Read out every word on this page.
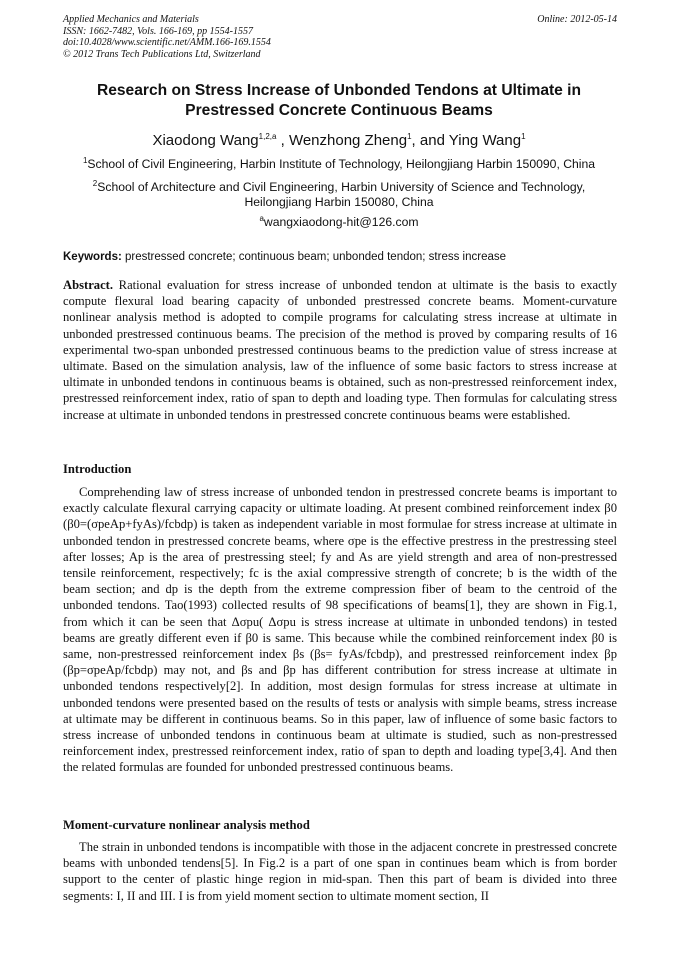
Applied Mechanics and Materials
ISSN: 1662-7482, Vols. 166-169, pp 1554-1557
doi:10.4028/www.scientific.net/AMM.166-169.1554
© 2012 Trans Tech Publications Ltd, Switzerland
Online: 2012-05-14
Research on Stress Increase of Unbonded Tendons at Ultimate in Prestressed Concrete Continuous Beams
Xiaodong Wang$^{1,2,a}$ , Wenzhong Zheng$^1$, and Ying Wang$^1$
$^1$School of Civil Engineering, Harbin Institute of Technology, Heilongjiang Harbin 150090, China
$^2$School of Architecture and Civil Engineering, Harbin University of Science and Technology, Heilongjiang Harbin 150080, China
$^a$wangxiaodong-hit@126.com
Keywords: prestressed concrete; continuous beam; unbonded tendon; stress increase
Abstract. Rational evaluation for stress increase of unbonded tendon at ultimate is the basis to exactly compute flexural load bearing capacity of unbonded prestressed concrete beams. Moment-curvature nonlinear analysis method is adopted to compile programs for calculating stress increase at ultimate in unbonded prestressed continuous beams. The precision of the method is proved by comparing results of 16 experimental two-span unbonded prestressed continuous beams to the prediction value of stress increase at ultimate. Based on the simulation analysis, law of the influence of some basic factors to stress increase at ultimate in unbonded tendons in continuous beams is obtained, such as non-prestressed reinforcement index, prestressed reinforcement index, ratio of span to depth and loading type. Then formulas for calculating stress increase at ultimate in unbonded tendons in prestressed concrete continuous beams were established.
Introduction
Comprehending law of stress increase of unbonded tendon in prestressed concrete beams is important to exactly calculate flexural carrying capacity or ultimate loading. At present combined reinforcement index β0 (β0=(σpeAp+fyAs)/fcbdp) is taken as independent variable in most formulae for stress increase at ultimate in unbonded tendon in prestressed concrete beams, where σpe is the effective prestress in the prestressing steel after losses; Ap is the area of prestressing steel; fy and As are yield strength and area of non-prestressed tensile reinforcement, respectively; fc is the axial compressive strength of concrete; b is the width of the beam section; and dp is the depth from the extreme compression fiber of beam to the centroid of the unbonded tendons. Tao(1993) collected results of 98 specifications of beams[1], they are shown in Fig.1, from which it can be seen that Δσpu( Δσpu is stress increase at ultimate in unbonded tendons) in tested beams are greatly different even if β0 is same. This because while the combined reinforcement index β0 is same, non-prestressed reinforcement index βs (βs= fyAs/fcbdp), and prestressed reinforcement index βp (βp=σpeAp/fcbdp) may not, and βs and βp has different contribution for stress increase at ultimate in unbonded tendons respectively[2]. In addition, most design formulas for stress increase at ultimate in unbonded tendons were presented based on the results of tests or analysis with simple beams, stress increase at ultimate may be different in continuous beams. So in this paper, law of influence of some basic factors to stress increase of unbonded tendons in continuous beam at ultimate is studied, such as non-prestressed reinforcement index, prestressed reinforcement index, ratio of span to depth and loading type[3,4]. And then the related formulas are founded for unbonded prestressed continuous beams.
Moment-curvature nonlinear analysis method
The strain in unbonded tendons is incompatible with those in the adjacent concrete in prestressed concrete beams with unbonded tendens[5]. In Fig.2 is a part of one span in continues beam which is from border support to the center of plastic hinge region in mid-span. Then this part of beam is divided into three segments: I, II and III. I is from yield moment section to ultimate moment section, II
